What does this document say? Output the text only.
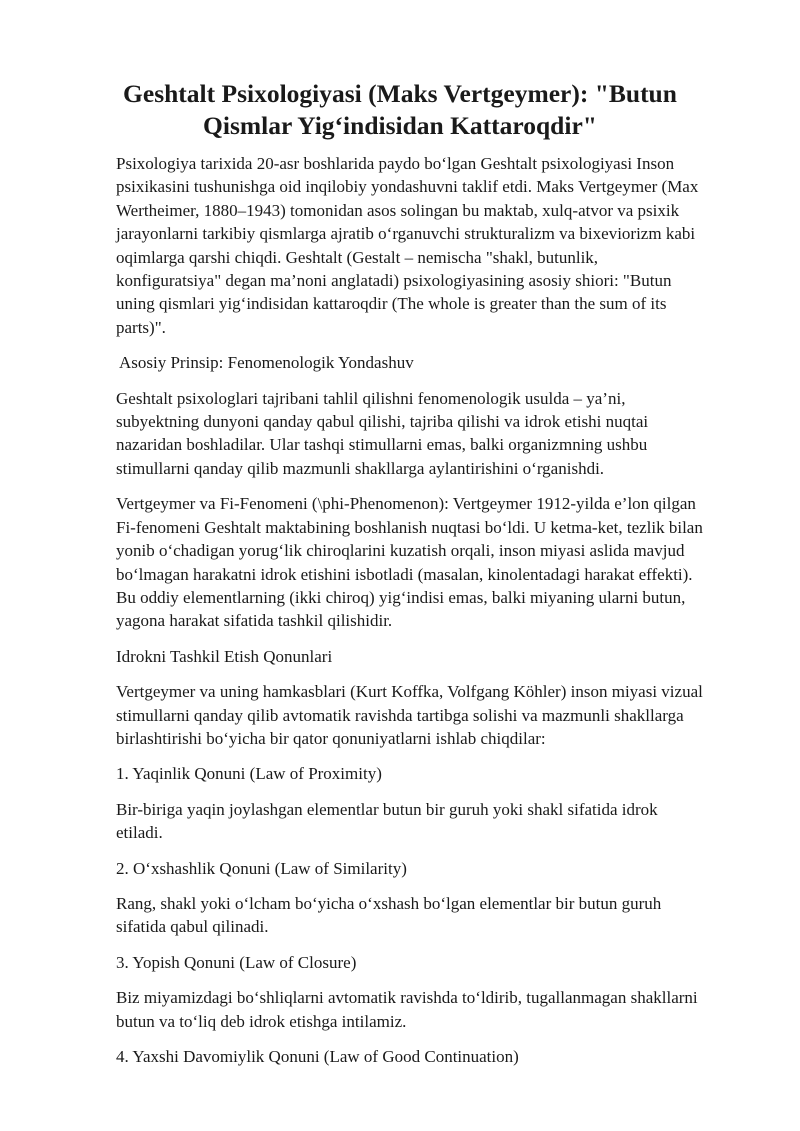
Geshtalt Psixologiyasi (Maks Vertgeymer): "Butun Qismlar Yig‘indisidan Kattaroqdir"

Psixologiya tarixida 20-asr boshlarida paydo bo‘lgan Geshtalt psixologiyasi Inson psixikasini tushunishga oid inqilobiy yondashuvni taklif etdi. Maks Vertgeymer (Max Wertheimer, 1880–1943) tomonidan asos solingan bu maktab, xulq-atvor va psixik jarayonlarni tarkibiy qismlarga ajratib o‘rganuvchi strukturalizm va bixeviorizm kabi oqimlarga qarshi chiqdi. Geshtalt (Gestalt – nemischa "shakl, butunlik, konfiguratsiya" degan ma’noni anglatadi) psixologiyasining asosiy shiori: "Butun uning qismlari yig‘indisidan kattaroqdir (The whole is greater than the sum of its parts)".

Asosiy Prinsip: Fenomenologik Yondashuv

Geshtalt psixologlari tajribani tahlil qilishni fenomenologik usulda – ya’ni, subyektning dunyoni qanday qabul qilishi, tajriba qilishi va idrok etishi nuqtai nazaridan boshladilar. Ular tashqi stimullarni emas, balki organizmning ushbu stimullarni qanday qilib mazmunli shakllarga aylantirishini o‘rganishdi.

Vertgeymer va Fi-Fenomeni (\phi-Phenomenon): Vertgeymer 1912-yilda e’lon qilgan Fi-fenomeni Geshtalt maktabining boshlanish nuqtasi bo‘ldi. U ketma-ket, tezlik bilan yonib o‘chadigan yorug‘lik chiroqlarini kuzatish orqali, inson miyasi aslida mavjud bo‘lmagan harakatni idrok etishini isbotladi (masalan, kinolentadagi harakat effekti). Bu oddiy elementlarning (ikki chiroq) yig‘indisi emas, balki miyaning ularni butun, yagona harakat sifatida tashkil qilishidir.

Idrokni Tashkil Etish Qonunlari

Vertgeymer va uning hamkasblari (Kurt Koffka, Volfgang Köhler) inson miyasi vizual stimullarni qanday qilib avtomatik ravishda tartibga solishi va mazmunli shakllarga birlashtirishi bo‘yicha bir qator qonuniyatlarni ishlab chiqdilar:

1. Yaqinlik Qonuni (Law of Proximity)

Bir-biriga yaqin joylashgan elementlar butun bir guruh yoki shakl sifatida idrok etiladi.

2. O‘xshashlik Qonuni (Law of Similarity)

Rang, shakl yoki o‘lcham bo‘yicha o‘xshash bo‘lgan elementlar bir butun guruh sifatida qabul qilinadi.

3. Yopish Qonuni (Law of Closure)

Biz miyamizdagi bo‘shliqlarni avtomatik ravishda to‘ldirib, tugallanmagan shakllarni butun va to‘liq deb idrok etishga intilamiz.

4. Yaxshi Davomiylik Qonuni (Law of Good Continuation)
